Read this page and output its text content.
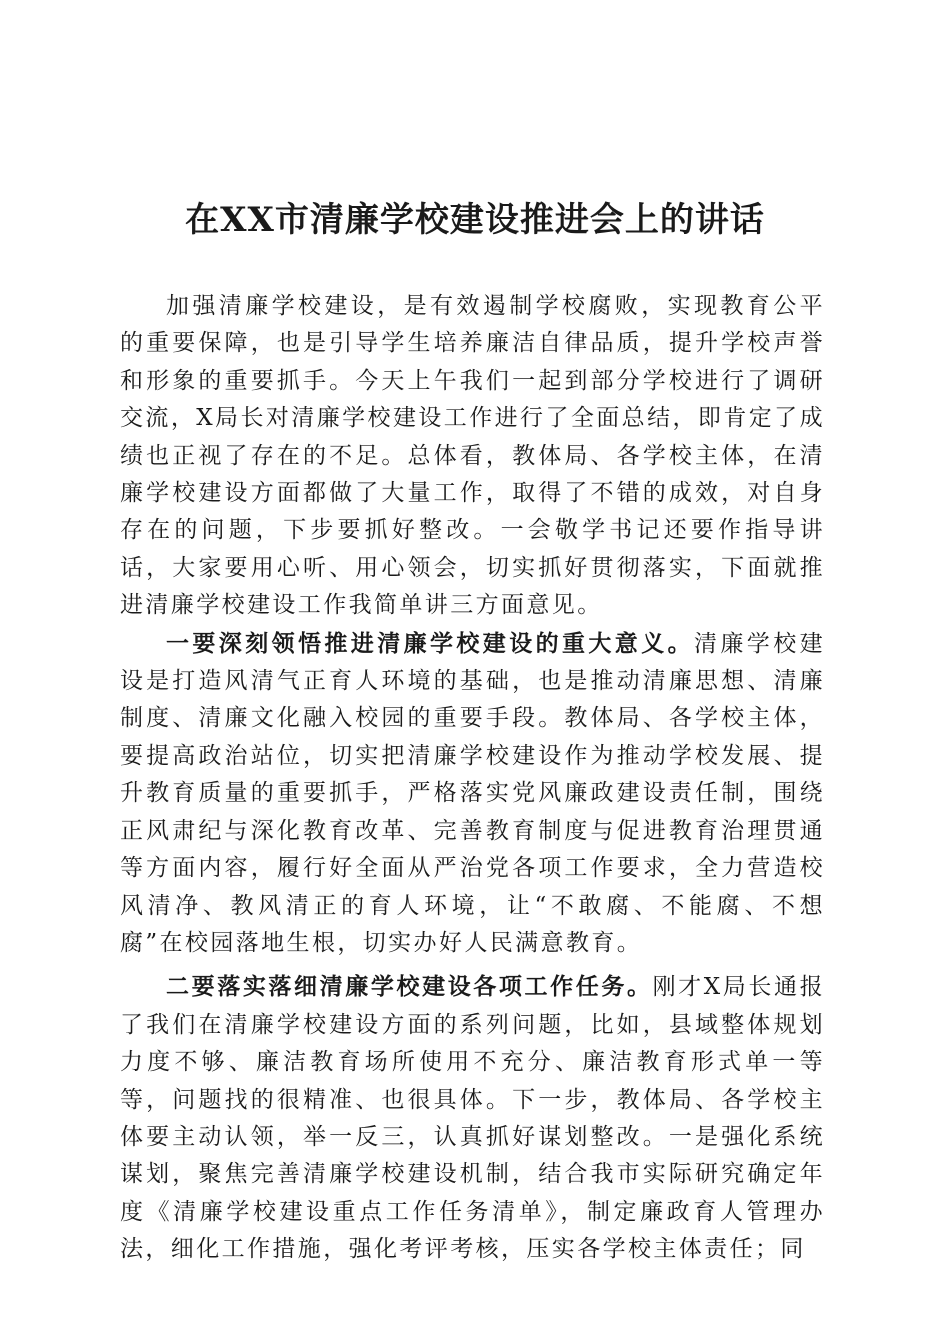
在XX市清廉学校建设推进会上的讲话

加强清廉学校建设，是有效遏制学校腐败，实现教育公平的重要保障，也是引导学生培养廉洁自律品质，提升学校声誉和形象的重要抓手。今天上午我们一起到部分学校进行了调研交流，X局长对清廉学校建设工作进行了全面总结，即肯定了成绩也正视了存在的不足。总体看，教体局、各学校主体，在清廉学校建设方面都做了大量工作，取得了不错的成效，对自身存在的问题，下步要抓好整改。一会敬学书记还要作指导讲话，大家要用心听、用心领会，切实抓好贯彻落实，下面就推进清廉学校建设工作我简单讲三方面意见。

一要深刻领悟推进清廉学校建设的重大意义。清廉学校建设是打造风清气正育人环境的基础，也是推动清廉思想、清廉制度、清廉文化融入校园的重要手段。教体局、各学校主体，要提高政治站位，切实把清廉学校建设作为推动学校发展、提升教育质量的重要抓手，严格落实党风廉政建设责任制，围绕正风肃纪与深化教育改革、完善教育制度与促进教育治理贯通等方面内容，履行好全面从严治党各项工作要求，全力营造校风清净、教风清正的育人环境，让“不敢腐、不能腐、不想腐”在校园落地生根，切实办好人民满意教育。

二要落实落细清廉学校建设各项工作任务。刚才X局长通报了我们在清廉学校建设方面的系列问题，比如，县域整体规划力度不够、廉洁教育场所使用不充分、廉洁教育形式单一等等，问题找的很精准、也很具体。下一步，教体局、各学校主体要主动认领，举一反三，认真抓好谋划整改。一是强化系统谋划，聚焦完善清廉学校建设机制，结合我市实际研究确定年度《清廉学校建设重点工作任务清单》，制定廉政育人管理办法，细化工作措施，强化考评考核，压实各学校主体责任；同
